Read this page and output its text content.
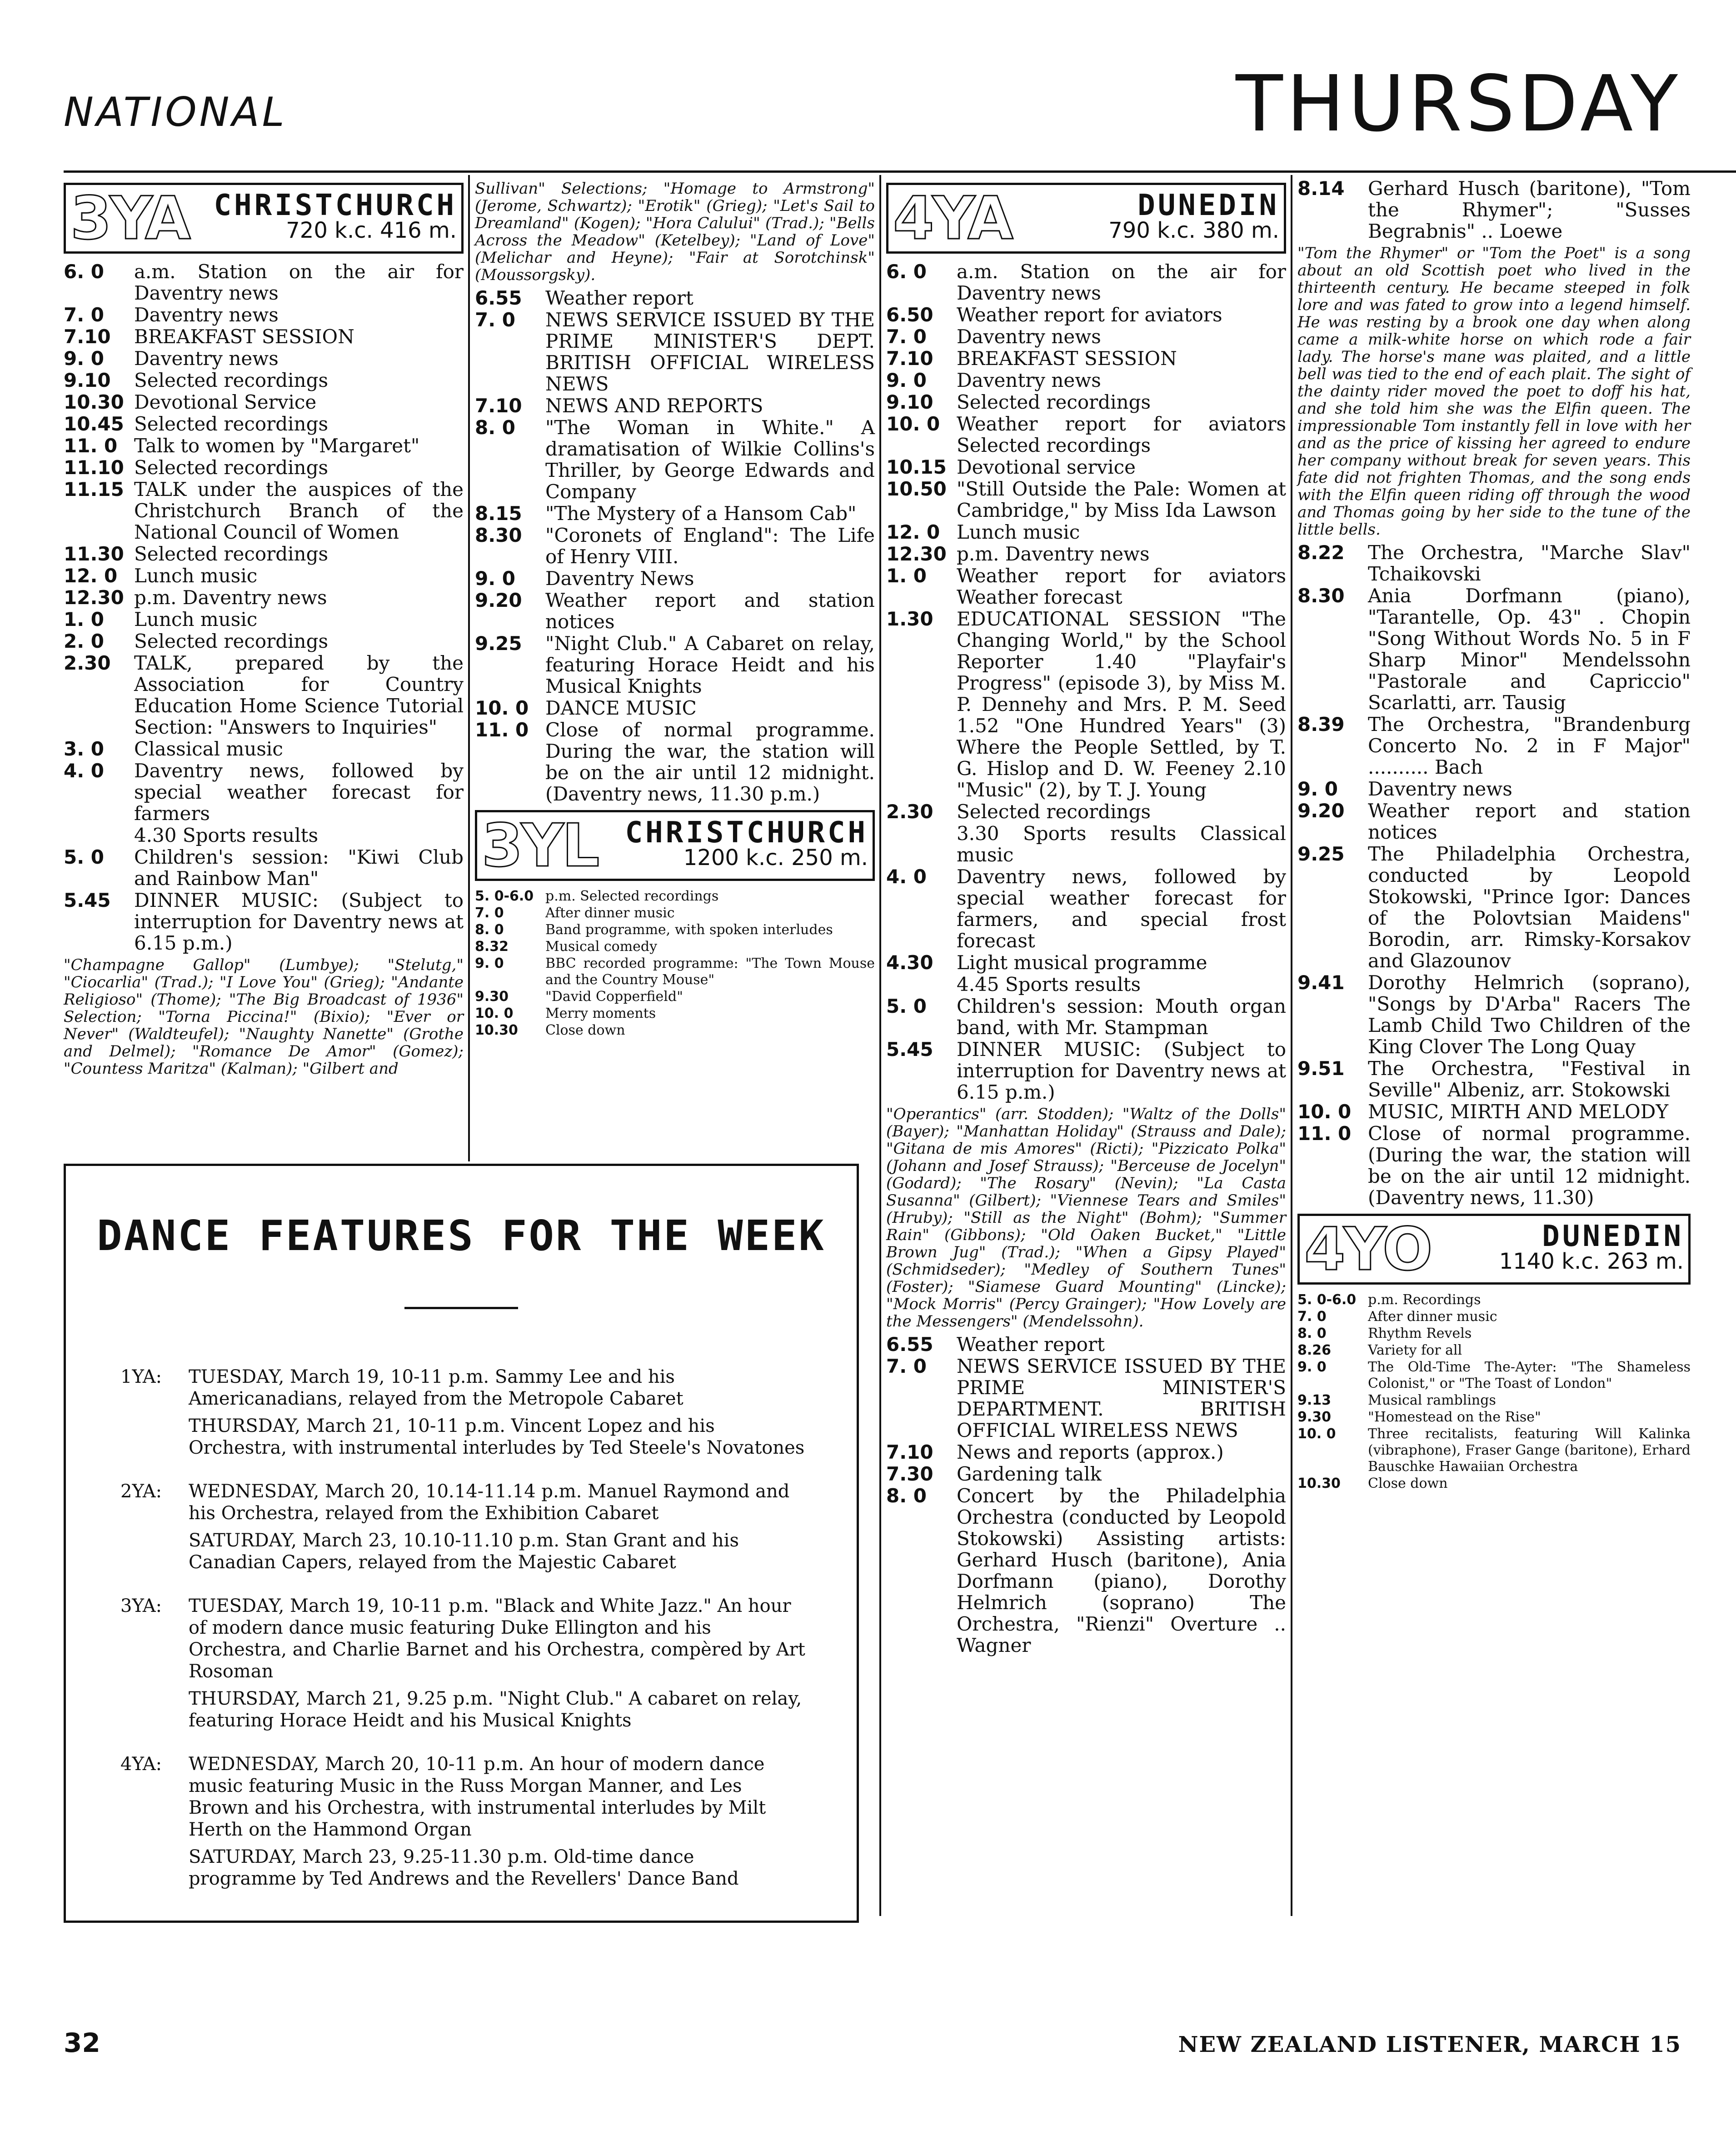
NATIONAL	THURSDAY
3YA CHRISTCHURCH
720 k.c. 416 m.
6. 0	a.m. Station on the air for Daventry news
7. 0	Daventry news
7.10	BREAKFAST SESSION
9. 0	Daventry news
9.10	Selected recordings
10.30 Devotional Service
10.45 Selected recordings
11. 0 Talk to women by "Margaret"
11.10 Selected recordings
11.15 TALK under the auspices of the Christchurch Branch of the National Council of Women
11.30 Selected recordings
12. 0 Lunch music
12.30 p.m. Daventry news
1. 0	Lunch music
2. 0	Selected recordings
2.30	TALK, prepared by the Association for Country Education Home Science Tutorial Section: "Answers to Inquiries"
3. 0	Classical music
4. 0	Daventry news, followed by special weather forecast for farmers
4.30 Sports results
5. 0	Children's session: "Kiwi Club and Rainbow Man"
5.45	DINNER MUSIC: (Subject to interruption for Daventry news at 6.15 p.m.)
"Champagne Gallop" (Lumbye); "Stelutg," "Ciocarlia" (Trad.); "I Love You" (Grieg); "Andante Religioso" (Thome); "The Big Broadcast of 1936" Selection; "Torna Piccina!" (Bixio); "Ever or Never" (Waldteufel); "Naughty Nanette" (Grothe and Delmel); "Romance De Amor" (Gomez); "Countess Maritza" (Kalman); "Gilbert and
Sullivan" Selections; "Homage to Armstrong" (Jerome, Schwartz); "Erotik" (Grieg); "Let's Sail to Dreamland" (Kogen); "Hora Calului" (Trad.); "Bells Across the Meadow" (Ketelbey); "Land of Love" (Melichar and Heyne); "Fair at Sorotchinsk" (Moussorgsky).
6.55	Weather report
7. 0	NEWS SERVICE ISSUED BY THE PRIME MINISTER'S DEPT. BRITISH OFFICIAL WIRELESS NEWS
7.10	NEWS AND REPORTS
8. 0	"The Woman in White." A dramatisation of Wilkie Collins's Thriller, by George Edwards and Company
8.15	"The Mystery of a Hansom Cab"
8.30	"Coronets of England": The Life of Henry VIII.
9. 0	Daventry News
9.20	Weather report and station notices
9.25	"Night Club." A Cabaret on relay, featuring Horace Heidt and his Musical Knights
10. 0 DANCE MUSIC
11. 0 Close of normal programme. During the war, the station will be on the air until 12 midnight. (Daventry news, 11.30 p.m.)
3YL CHRISTCHURCH
1200 k.c. 250 m.
5. 0-6.0 p.m. Selected recordings
7. 0	After dinner music
8. 0	Band programme, with spoken interludes
8.32	Musical comedy
9. 0	BBC recorded programme: "The Town Mouse and the Country Mouse"
9.30	"David Copperfield"
10. 0	Merry moments
10.30	Close down
4YA	DUNEDIN
790 k.c. 380 m.
6. 0	a.m. Station on the air for Daventry news
6.50	Weather report for aviators
7. 0	Daventry news
7.10	BREAKFAST SESSION
9. 0	Daventry news
9.10	Selected recordings
10. 0 Weather report for aviators Selected recordings
10.15 Devotional service
10.50 "Still Outside the Pale: Women at Cambridge," by Miss Ida Lawson
12. 0 Lunch music
12.30 p.m. Daventry news
1. 0	Weather report for aviators Weather forecast
1.30	EDUCATIONAL SESSION "The Changing World," by the School Reporter 1.40 "Playfair's Progress" (episode 3), by Miss M. P. Dennehy and Mrs. P. M. Seed 1.52 "One Hundred Years" (3) Where the People Settled, by T. G. Hislop and D. W. Feeney 2.10 "Music" (2), by T. J. Young
2.30	Selected recordings
3.30 Sports results Classical music
4. 0	Daventry news, followed by special weather forecast for farmers, and special frost forecast
4.30	Light musical programme
4.45 Sports results
5. 0	Children's session: Mouth organ band, with Mr. Stampman
5.45	DINNER MUSIC: (Subject to interruption for Daventry news at 6.15 p.m.)
"Operantics" (arr. Stodden); "Waltz of the Dolls" (Bayer); "Manhattan Holiday" (Strauss and Dale); "Gitana de mis Amores" (Ricti); "Pizzicato Polka" (Johann and Josef Strauss); "Berceuse de Jocelyn" (Godard); "The Rosary" (Nevin); "La Casta Susanna" (Gilbert); "Viennese Tears and Smiles" (Hruby); "Still as the Night" (Bohm); "Summer Rain" (Gibbons); "Old Oaken Bucket," "Little Brown Jug" (Trad.); "When a Gipsy Played" (Schmidseder); "Medley of Southern Tunes" (Foster); "Siamese Guard Mounting" (Lincke); "Mock Morris" (Percy Grainger); "How Lovely are the Messengers" (Mendelssohn).
6.55	Weather report
7. 0	NEWS SERVICE ISSUED BY THE PRIME MINISTER'S DEPARTMENT. BRITISH OFFICIAL WIRELESS NEWS
7.10	News and reports (approx.)
7.30	Gardening talk
8. 0	Concert by the Philadelphia Orchestra (conducted by Leopold Stokowski) Assisting artists: Gerhard Husch (baritone), Ania Dorfmann (piano), Dorothy Helmrich (soprano) The Orchestra, "Rienzi" Overture .. Wagner
8.14	Gerhard Husch (baritone), "Tom the Rhymer"; "Susses Begrabnis" .. Loewe
"Tom the Rhymer" or "Tom the Poet" is a song about an old Scottish poet who lived in the thirteenth century. He became steeped in folk lore and was fated to grow into a legend himself. He was resting by a brook one day when along came a milk-white horse on which rode a fair lady. The horse's mane was plaited, and a little bell was tied to the end of each plait. The sight of the dainty rider moved the poet to doff his hat, and she told him she was the Elfin queen. The impressionable Tom instantly fell in love with her and as the price of kissing her agreed to endure her company without break for seven years. This fate did not frighten Thomas, and the song ends with the Elfin queen riding off through the wood and Thomas going by her side to the tune of the little bells.
8.22	The Orchestra, "Marche Slav" Tchaikovski
8.30	Ania Dorfmann (piano), "Tarantelle, Op. 43" . Chopin "Song Without Words No. 5 in F Sharp Minor" Mendelssohn "Pastorale and Capriccio" Scarlatti, arr. Tausig
8.39	The Orchestra, "Brandenburg Concerto No. 2 in F Major" .......... Bach
9. 0	Daventry news
9.20	Weather report and station notices
9.25	The Philadelphia Orchestra, conducted by Leopold Stokowski, "Prince Igor: Dances of the Polovtsian Maidens" Borodin, arr. Rimsky-Korsakov and Glazounov
9.41	Dorothy Helmrich (soprano), "Songs by D'Arba" Racers The Lamb Child Two Children of the King Clover The Long Quay
9.51	The Orchestra, "Festival in Seville" Albeniz, arr. Stokowski
10. 0 MUSIC, MIRTH AND MELODY
11. 0 Close of normal programme. (During the war, the station will be on the air until 12 midnight. (Daventry news, 11.30)
4YO	DUNEDIN
1140 k.c. 263 m.
5. 0-6.0 p.m. Recordings
7. 0	After dinner music
8. 0	Rhythm Revels
8.26	Variety for all
9. 0	The Old-Time The-Ayter: "The Shameless Colonist," or "The Toast of London"
9.13	Musical ramblings
9.30	"Homestead on the Rise"
10. 0	Three recitalists, featuring Will Kalinka (vibraphone), Fraser Gange (baritone), Erhard Bauschke Hawaiian Orchestra
10.30	Close down
DANCE FEATURES FOR THE WEEK
1YA:	TUESDAY, March 19, 10-11 p.m. Sammy Lee and his Americanadians, relayed from the Metropole Cabaret
THURSDAY, March 21, 10-11 p.m. Vincent Lopez and his Orchestra, with instrumental interludes by Ted Steele's Novatones
2YA:	WEDNESDAY, March 20, 10.14-11.14 p.m. Manuel Raymond and his Orchestra, relayed from the Exhibition Cabaret
SATURDAY, March 23, 10.10-11.10 p.m. Stan Grant and his Canadian Capers, relayed from the Majestic Cabaret
3YA:	TUESDAY, March 19, 10-11 p.m. "Black and White Jazz." An hour of modern dance music featuring Duke Ellington and his Orchestra, and Charlie Barnet and his Orchestra, compèred by Art Rosoman
THURSDAY, March 21, 9.25 p.m. "Night Club." A cabaret on relay, featuring Horace Heidt and his Musical Knights
4YA:	WEDNESDAY, March 20, 10-11 p.m. An hour of modern dance music featuring Music in the Russ Morgan Manner, and Les Brown and his Orchestra, with instrumental interludes by Milt Herth on the Hammond Organ
SATURDAY, March 23, 9.25-11.30 p.m. Old-time dance programme by Ted Andrews and the Revellers' Dance Band
32	NEW ZEALAND LISTENER, MARCH 15
